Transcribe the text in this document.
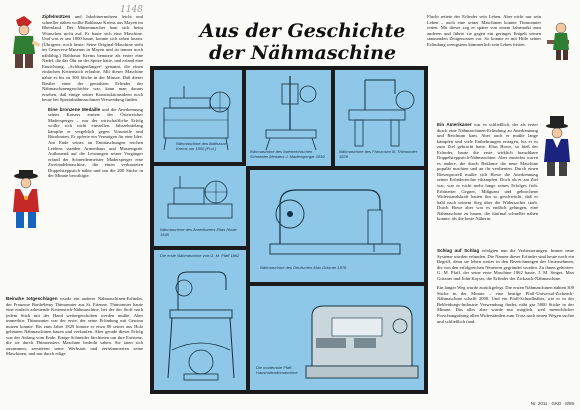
1148
Aus der Geschichte
der Nähmaschine

Zipfelmützen und Jakobinermützen leicht und schneller nähen wollte Balthasar Krems aus Mayen im Rheinland. Der Mützenmacher baut sich beim Wünschen nicht auf: Er baute sich eine Maschine. Und was er um 1800 baute, konnte sich sehen lassen. (Übrigens: noch heute: Seine Original-Maschine steht im Genoveva-Museum in Mayen und ist immer noch nähfähig.) Balthasar Krems benutzte als erster eine Nadel, die das Öhr an der Spitze hatte, und erfand eine Einrichtung, „Schlingenfänger“ genannt, die einen einfachen Kettenstich erlaubte. Mit dieser Maschine nähte er bis zu 300 Stiche in der Minute. Daß dieser Bastler einer der genialsten Erfinder der Nähmaschinengeschichte war, kann man daraus ersehen, daß einige seiner Konstruktionsideen noch heute bei Spezialnähmaschinen Verwendung finden.

Eine bronzene Medaille und die Anerkennung seines Kaisers erntete der Österreicher Madersperger – nur der wirtschaftliche Erfolg wollte sich nicht einstellen. Jahrzehntelang kämpfte er vergeblich gegen Vorurteile und Bürokraten. Er opferte ein Vermögen für eine Idee. Am Ende seines an Enttäuschungen reichen Leidens standen Armenhaus und Massengrab. Aufbauend auf die Leistungen seiner Vorgänger erfand der Schneidermeister Madersperger eine Zweinadelmaschine, die einen verknoteten Doppelsteppstich nähte und um die 200 Stiche in der Minute bewältigte.

Beinahe totgeschlagen wurde ein anderer Nähmaschinen-Erfinder, der Franzose Barthélemy Thimonnier aus St. Etienne. Thimonnier baute eine einfach arbeitende Kettenstich-Nähmaschine, bei der der Stoff nach jedem Stich mit der Hand weitergeschoben werden mußte. Aber immerhin: Thimonnier war der erste, der seine Erfindung mit Gewinn nutzen konnte. Bis zum Jahre 1829 konnte er etwa 80 seiner aus Holz gebauten Nähmaschinen bauen und verkaufen. Aber gerade dieser Erfolg war der Anfang vom Ende: Einige Schneider fürchteten um ihre Existenz, die sie durch Thimonniers Maschine bedroht sahen. Sie taten sich zusammen, zerstörten seine Werkstatt und zertrümmerten seine Maschinen, und nur durch eilige

Flucht rettete der Erfinder sein Leben. Aber nicht nur sein Leben – auch eine seiner Maschinen konnte Thimonnier retten. Mit dieser zog er später von einem Jahrmarkt zum anderen und führte sie gegen ein geringes Entgelt seinen staunenden Zeitgenossen vor. So konnte er mit Hilfe seiner Erfindung wenigstens kümmerlich sein Leben fristen.

Ein Amerikaner war es schließlich, der als erster durch eine Nähmaschinen-Erfindung zu Anerkennung und Reichtum kam. Aber auch er mußte lange kämpfen und viele Entbehrungen ertragen, bis er es zum Ziel gebracht hatte. Elias Howe, so hieß der Erfinder, baute die erste wirklich brauchbare Doppelsteppstich-Nähmaschine. Aber zunächst waren es andere, die durch Reklame die neue Maschine populär machten und an ihr verdienten. Durch einen Riesenprozeß mußte sich Howe die Anerkennung seiner Erfinderrechte erkämpfen. Doch als er am Ziel war, war er nicht mehr lange seines Erfolges froh: Erbitterter Gegner, Mißgunst und gebrochene Widerstandskraft hatten ihn so geschwächt, daß er bald nach seinem Sieg über die Widersacher starb. Durch Howe aber war es endlich gelungen, eine Nähmaschine zu bauen, die fünfmal schneller nähen konnte, als die beste Näherin.

Schlag auf Schlag erfolgten nun die Verbesserungen. Immer neue Systeme wurden erfunden. Die Namen dieser Erfinder sind heute noch ein Begriff, denn sie leben weiter in den Bezeichnungen der Unternehmen, die von den erfolgreichen Neuerern gegründet wurden. Zu ihnen gehörten: G. M. Pfaff, der seine erste Maschine 1862 baute, J. M. Singer, Max Gritzner und John Kayser, die Erfinder der Zickzack-Nähmaschine.

Ein langer Weg wurde zurückgelegt. Die ersten Nähmaschinen nähten 300 Stiche in der Minute – eine heutige Pfaff-Universal-Zickzack-Nähmaschine schafft 2000. Und ein Pfaff-Schnellnäher, wie er in der Bekleidungs-Industrie Verwendung findet, näht gar 5000 Stiche in der Minute. Das alles aber wurde nur möglich, weil menschlicher Forschungsdrang allen Widerständen zum Trotz nach neuen Wegen suchte und schließlich fand.

Nähmaschine des Balthasar Krems um 1800 (Fr.d.)
Nähmaschine des österreichischen Schneider-Meisters J. Madersperger 1839
Nähmaschine des Franzosen B. Thimonnier 1829
Nähmaschine des Amerikaners Elias Howe 1845
Nähmaschine des Deutschen Max Gritzner 1878
Die erste Nähmaschine von G. M. Pfaff 1862
Die modernste Pfaff-Haushaltsnähmaschine
Nr. 2011 · GKD · 8/89
